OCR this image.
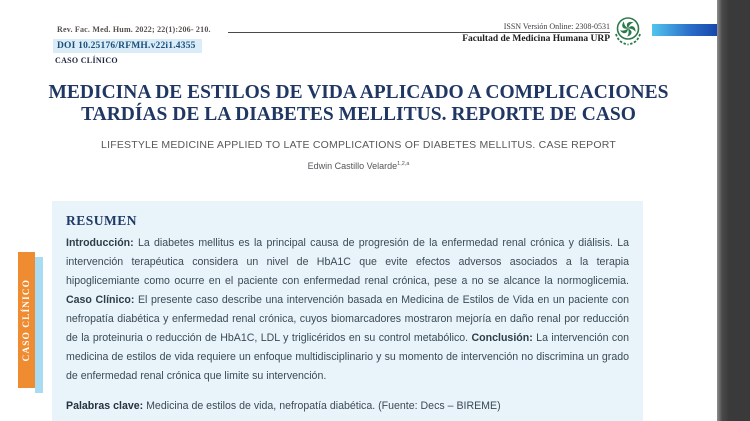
Rev. Fac. Med. Hum. 2022; 22(1):206- 210.
DOI 10.25176/RFMH.v22i1.4355
CASO CLÍNICO
ISSN Versión Online: 2308-0531
Facultad de Medicina Humana URP
MEDICINA DE ESTILOS DE VIDA APLICADO A COMPLICACIONES
TARDÍAS DE LA DIABETES MELLITUS. REPORTE DE CASO
LIFESTYLE MEDICINE APPLIED TO LATE COMPLICATIONS OF DIABETES MELLITUS. CASE REPORT
Edwin Castillo Velarde$^{1,2,a}$
CASO CLÍNICO
RESUMEN
Introducción: La diabetes mellitus es la principal causa de progresión de la enfermedad renal crónica y diálisis. La intervención terapéutica considera un nivel de HbA1C que evite efectos adversos asociados a la terapia hipoglicemiante como ocurre en el paciente con enfermedad renal crónica, pese a no se alcance la normoglicemia. Caso Clínico: El presente caso describe una intervención basada en Medicina de Estilos de Vida en un paciente con nefropatía diabética y enfermedad renal crónica, cuyos biomarcadores mostraron mejoría en daño renal por reducción de la proteinuria o reducción de HbA1C, LDL y triglicéridos en su control metabólico. Conclusión: La intervención con medicina de estilos de vida requiere un enfoque multidisciplinario y su momento de intervención no discrimina un grado de enfermedad renal crónica que limite su intervención.
Palabras clave: Medicina de estilos de vida, nefropatía diabética. (Fuente: Decs – BIREME)
